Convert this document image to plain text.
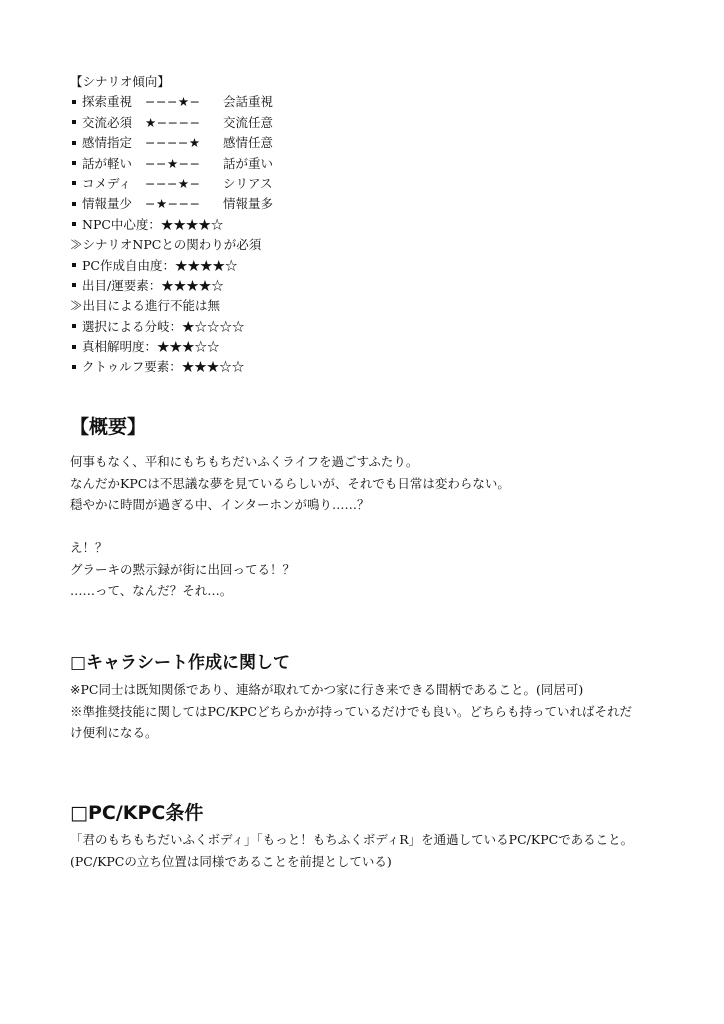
【シナリオ傾向】
探索重視	−−−★−	会話重視
交流必須	★−−−−	交流任意
感情指定	−−−−★	感情任意
話が軽い	−−★−−	話が重い
コメディ	−−−★−	シリアス
情報量少	−★−−−	情報量多
NPC中心度：★★★★☆
≫シナリオNPCとの関わりが必須
PC作成自由度：★★★★☆
出目/運要素：★★★★☆
≫出目による進行不能は無
選択による分岐：★☆☆☆☆
真相解明度：★★★☆☆
クトゥルフ要素：★★★☆☆
【概要】
何事もなく、平和にもちもちだいふくライフを過ごすふたり。
なんだかKPCは不思議な夢を見ているらしいが、それでも日常は変わらない。
穏やかに時間が過ぎる中、インターホンが鳴り……？
え！？
グラーキの黙示録が街に出回ってる！？
……って、なんだ？それ…。
□キャラシート作成に関して
※PC同士は既知関係であり、連絡が取れてかつ家に行き来できる間柄であること。(同居可)
※準推奨技能に関してはPC/KPCどちらかが持っているだけでも良い。どちらも持っていればそれだ
け便利になる。
□PC/KPC条件
「君のもちもちだいふくボディ」「もっと！もちふくボディR」を通過しているPC/KPCであること。
(PC/KPCの立ち位置は同様であることを前提としている)
